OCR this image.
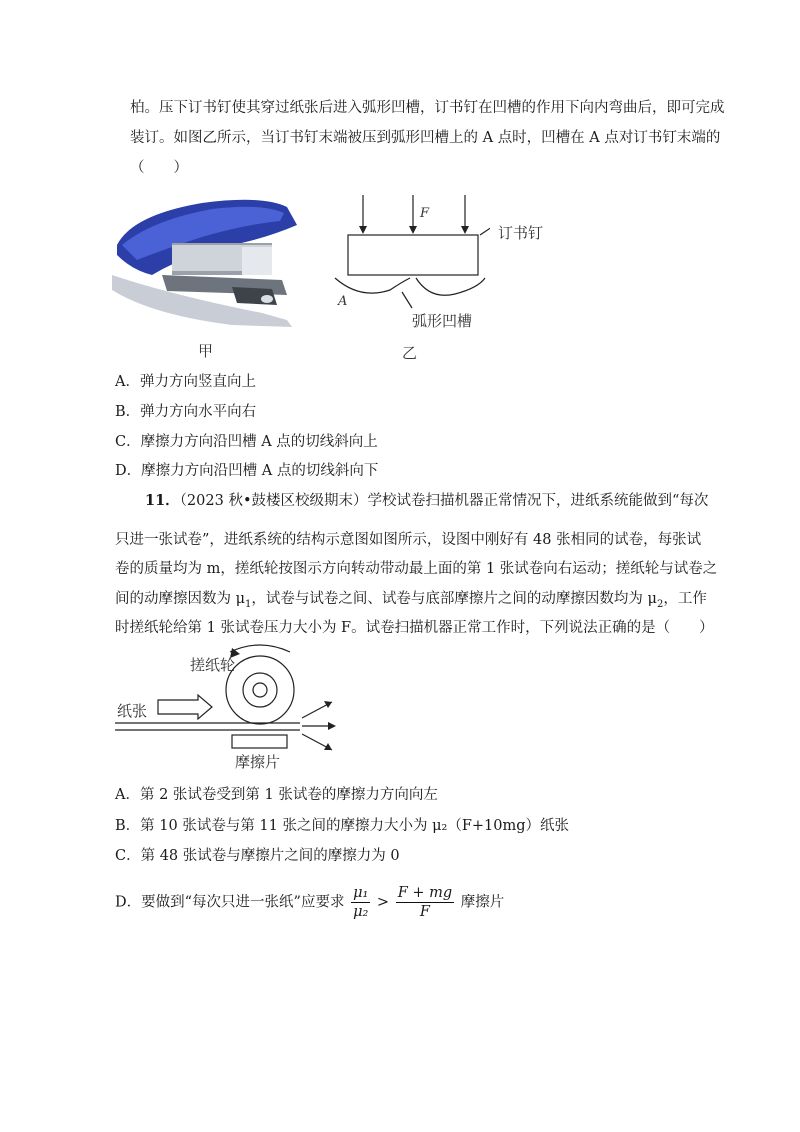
柏。压下订书钉使其穿过纸张后进入弧形凹槽，订书钉在凹槽的作用下向内弯曲后，即可完成
装订。如图乙所示，当订书钉末端被压到弧形凹槽上的 A 点时，凹槽在 A 点对订书钉末端的
（　　）
甲
F
订书钉
A
弧形凹槽
乙
A．弹力方向竖直向上
B．弹力方向水平向右
C．摩擦力方向沿凹槽 A 点的切线斜向上
D．摩擦力方向沿凹槽 A 点的切线斜向下
11．（2023 秋•鼓楼区校级期末）学校试卷扫描机器正常情况下，进纸系统能做到“每次
只进一张试卷”，进纸系统的结构示意图如图所示，设图中刚好有 48 张相同的试卷，每张试
卷的质量均为 m，搓纸轮按图示方向转动带动最上面的第 1 张试卷向右运动；搓纸轮与试卷之
间的动摩擦因数为 $\mu_1$，试卷与试卷之间、试卷与底部摩擦片之间的动摩擦因数均为 $\mu_2$，工作
时搓纸轮给第 1 张试卷压力大小为 F。试卷扫描机器正常工作时，下列说法正确的是（　　）
搓纸轮
纸张
摩擦片
A．第 2 张试卷受到第 1 张试卷的摩擦力方向向左
B．第 10 张试卷与第 11 张之间的摩擦力大小为 μ₂（F+10mg）纸张
C．第 48 张试卷与摩擦片之间的摩擦力为 0
D．要做到“每次只进一张纸”应要求 $\frac{\text{μ₁}}{\text{μ₂}} > \frac{F + mg}{F}$ 摩擦片
